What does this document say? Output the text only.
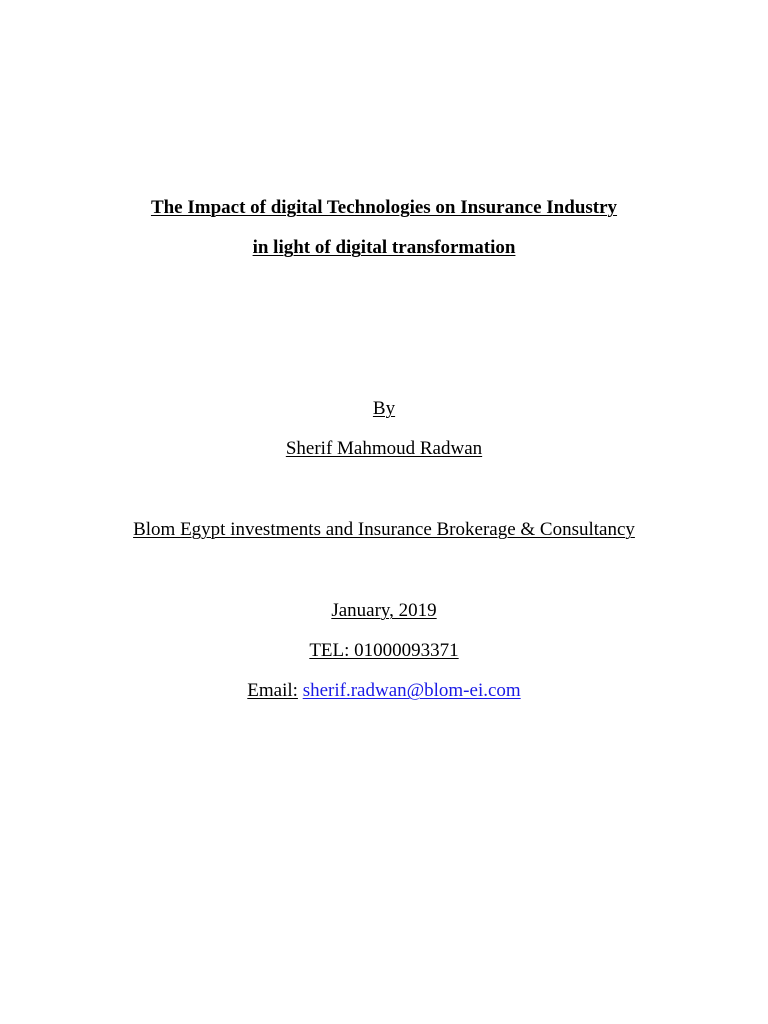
The Impact of digital Technologies on Insurance Industry
in light of digital transformation
By
Sherif Mahmoud Radwan
Blom Egypt investments and Insurance Brokerage & Consultancy
January, 2019
TEL: 01000093371
Email: sherif.radwan@blom-ei.com
